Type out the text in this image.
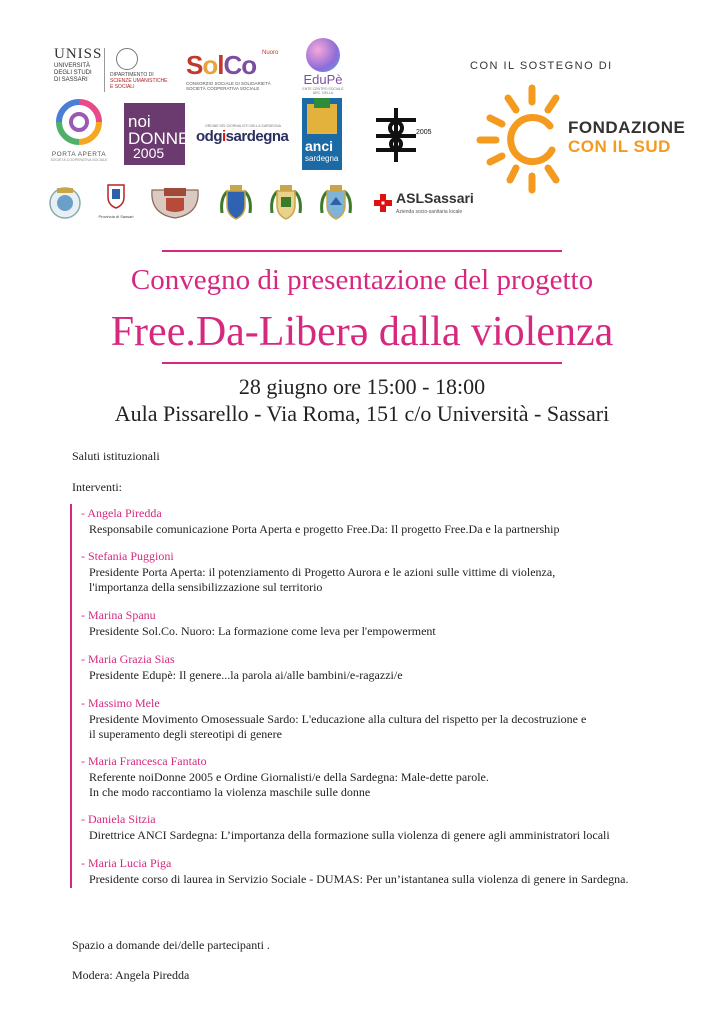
UNISS
UNIVERSITÀ
DEGLI STUDI
DI SASSARI
DIPARTIMENTO DI
SCIENZE UMANISTICHE
E SOCIALI
SolCo Nuoro
CONSORZIO SOCIALE DI SOLIDARIETÀ
SOCIETÀ COOPERATIVA SOCIALE
EduPè
ENTE CENTRO SOCIALE ARC. DELLA
CON IL SOSTEGNO DI
FONDAZIONE
CON IL SUD
PORTA APERTA
SOCIETÀ COOPERATIVA SOCIALE
noi
DONNE
2005
ORDINE DEI GIORNALISTI DELLA SARDEGNA
odgisardegna
anci
sardegna
2005
Provincia di Sassari
ASLSassari
Azienda socio-sanitaria locale
Convegno di presentazione del progetto
Free.Da-Liberə dalla violenza
28 giugno ore 15:00 - 18:00
Aula Pissarello - Via Roma, 151 c/o Università - Sassari
Saluti istituzionali
Interventi:
- Angela Piredda
Responsabile comunicazione Porta Aperta e progetto Free.Da: Il progetto Free.Da e la partnership
- Stefania Puggioni
Presidente Porta Aperta: il potenziamento di Progetto Aurora e le azioni sulle vittime di violenza,
l'importanza della sensibilizzazione sul territorio
- Marina Spanu
Presidente Sol.Co. Nuoro: La formazione come leva per l'empowerment
- Maria Grazia Sias
Presidente Edupè: Il genere...la parola ai/alle bambini/e-ragazzi/e
- Massimo Mele
Presidente Movimento Omosessuale Sardo: L'educazione alla cultura del rispetto per la decostruzione e
il superamento degli stereotipi di genere
- Maria Francesca Fantato
Referente noiDonne 2005 e Ordine Giornalisti/e della Sardegna: Male-dette parole.
In che modo raccontiamo la violenza maschile sulle donne
- Daniela Sitzia
Direttrice ANCI Sardegna: L’importanza della formazione sulla violenza di genere agli amministratori locali
- Maria Lucia Piga
Presidente corso di laurea in Servizio Sociale - DUMAS: Per un’istantanea sulla violenza di genere in Sardegna.
Spazio a domande dei/delle partecipanti .
Modera: Angela Piredda
